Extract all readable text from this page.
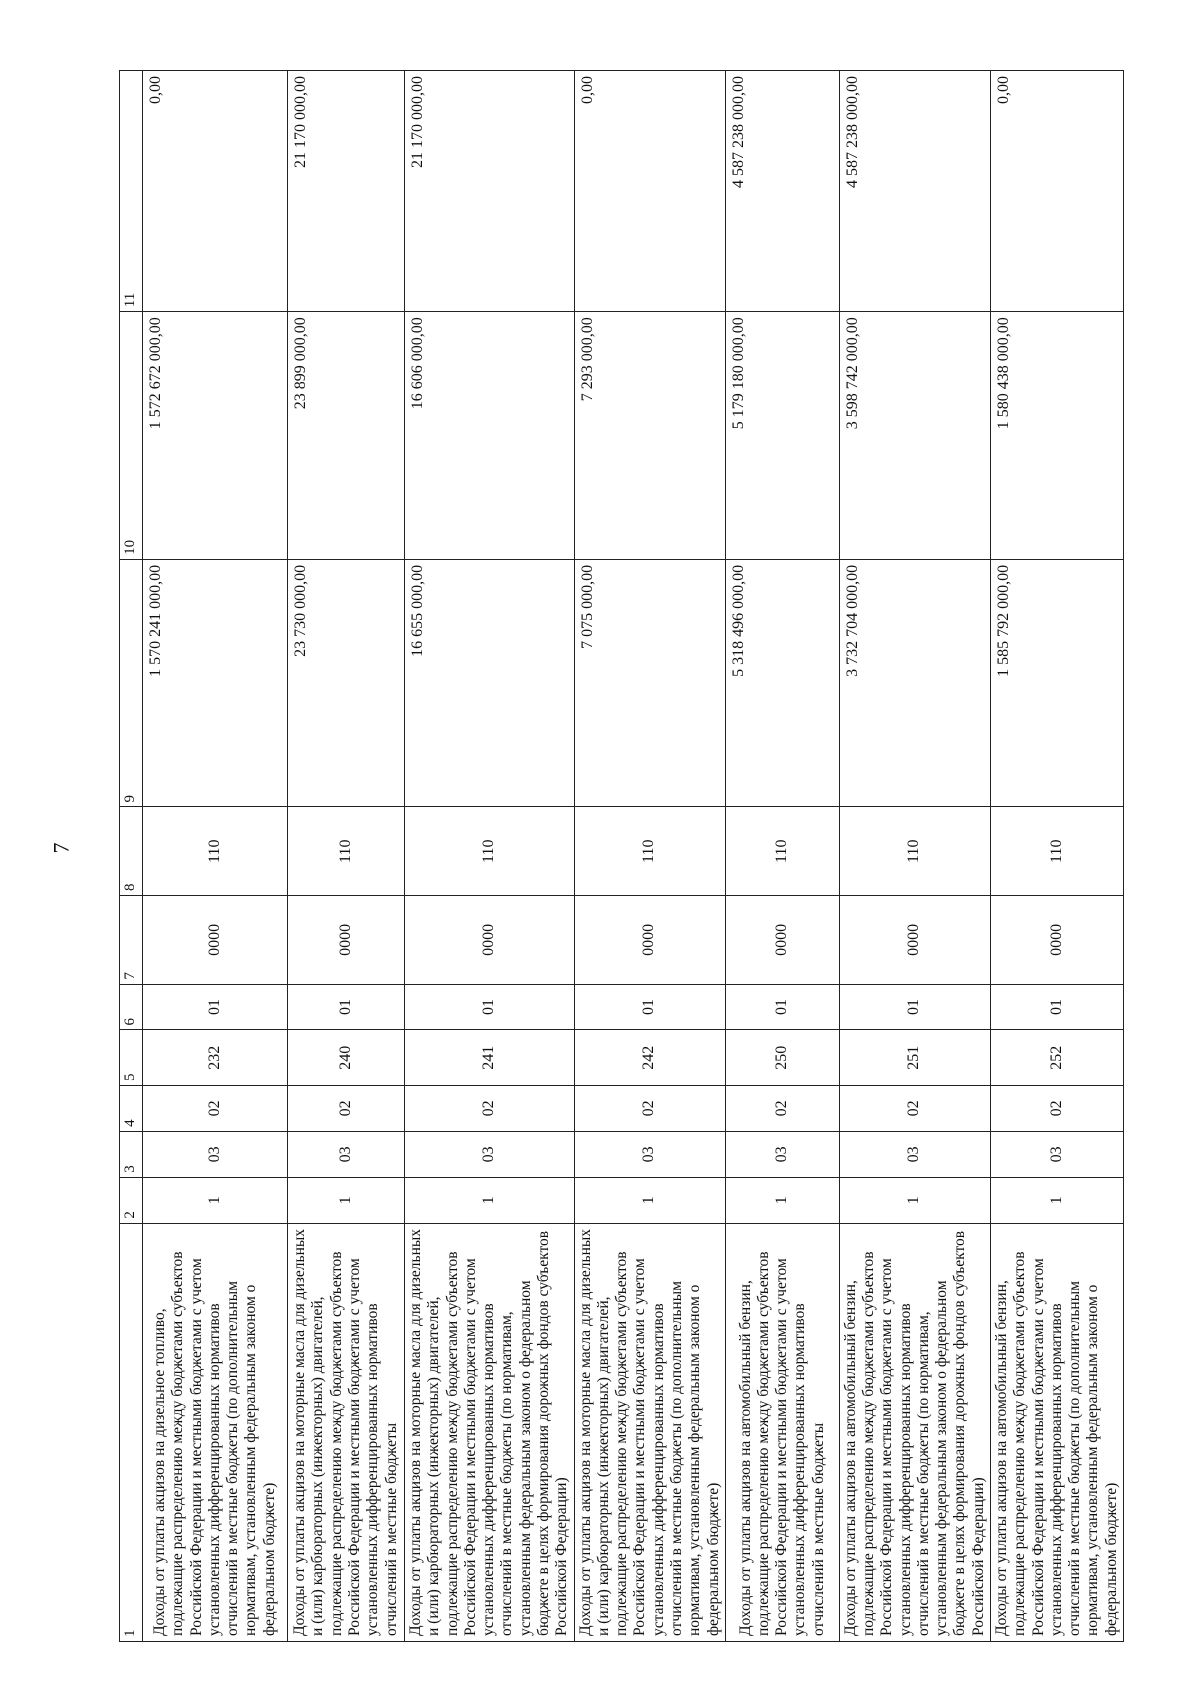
7
1	2	3	4	5	6	7	8	9	10	11
Доходы от уплаты акцизов на дизельное топливо, подлежащие распределению между бюджетами субъектов Российской Федерации и местными бюджетами с учетом установленных дифференцированных нормативов отчислений в местные бюджеты (по дополнительным нормативам, установленным федеральным законом о федеральном бюджете)	1	03	02	232	01	0000	110	1 570 241 000,00	1 572 672 000,00	0,00
Доходы от уплаты акцизов на моторные масла для дизельных и (или) карбюраторных (инжекторных) двигателей, подлежащие распределению между бюджетами субъектов Российской Федерации и местными бюджетами с учетом установленных дифференцированных нормативов отчислений в местные бюджеты	1	03	02	240	01	0000	110	23 730 000,00	23 899 000,00	21 170 000,00
Доходы от уплаты акцизов на моторные масла для дизельных и (или) карбюраторных (инжекторных) двигателей, подлежащие распределению между бюджетами субъектов Российской Федерации и местными бюджетами с учетом установленных дифференцированных нормативов отчислений в местные бюджеты (по нормативам, установленным федеральным законом о федеральном бюджете в целях формирования дорожных фондов субъектов Российской Федерации)	1	03	02	241	01	0000	110	16 655 000,00	16 606 000,00	21 170 000,00
Доходы от уплаты акцизов на моторные масла для дизельных и (или) карбюраторных (инжекторных) двигателей, подлежащие распределению между бюджетами субъектов Российской Федерации и местными бюджетами с учетом установленных дифференцированных нормативов отчислений в местные бюджеты (по дополнительным нормативам, установленным федеральным законом о федеральном бюджете)	1	03	02	242	01	0000	110	7 075 000,00	7 293 000,00	0,00
Доходы от уплаты акцизов на автомобильный бензин, подлежащие распределению между бюджетами субъектов Российской Федерации и местными бюджетами с учетом установленных дифференцированных нормативов отчислений в местные бюджеты	1	03	02	250	01	0000	110	5 318 496 000,00	5 179 180 000,00	4 587 238 000,00
Доходы от уплаты акцизов на автомобильный бензин, подлежащие распределению между бюджетами субъектов Российской Федерации и местными бюджетами с учетом установленных дифференцированных нормативов отчислений в местные бюджеты (по нормативам, установленным федеральным законом о федеральном бюджете в целях формирования дорожных фондов субъектов Российской Федерации)	1	03	02	251	01	0000	110	3 732 704 000,00	3 598 742 000,00	4 587 238 000,00
Доходы от уплаты акцизов на автомобильный бензин, подлежащие распределению между бюджетами субъектов Российской Федерации и местными бюджетами с учетом установленных дифференцированных нормативов отчислений в местные бюджеты (по дополнительным нормативам, установленным федеральным законом о федеральном бюджете)	1	03	02	252	01	0000	110	1 585 792 000,00	1 580 438 000,00	0,00
